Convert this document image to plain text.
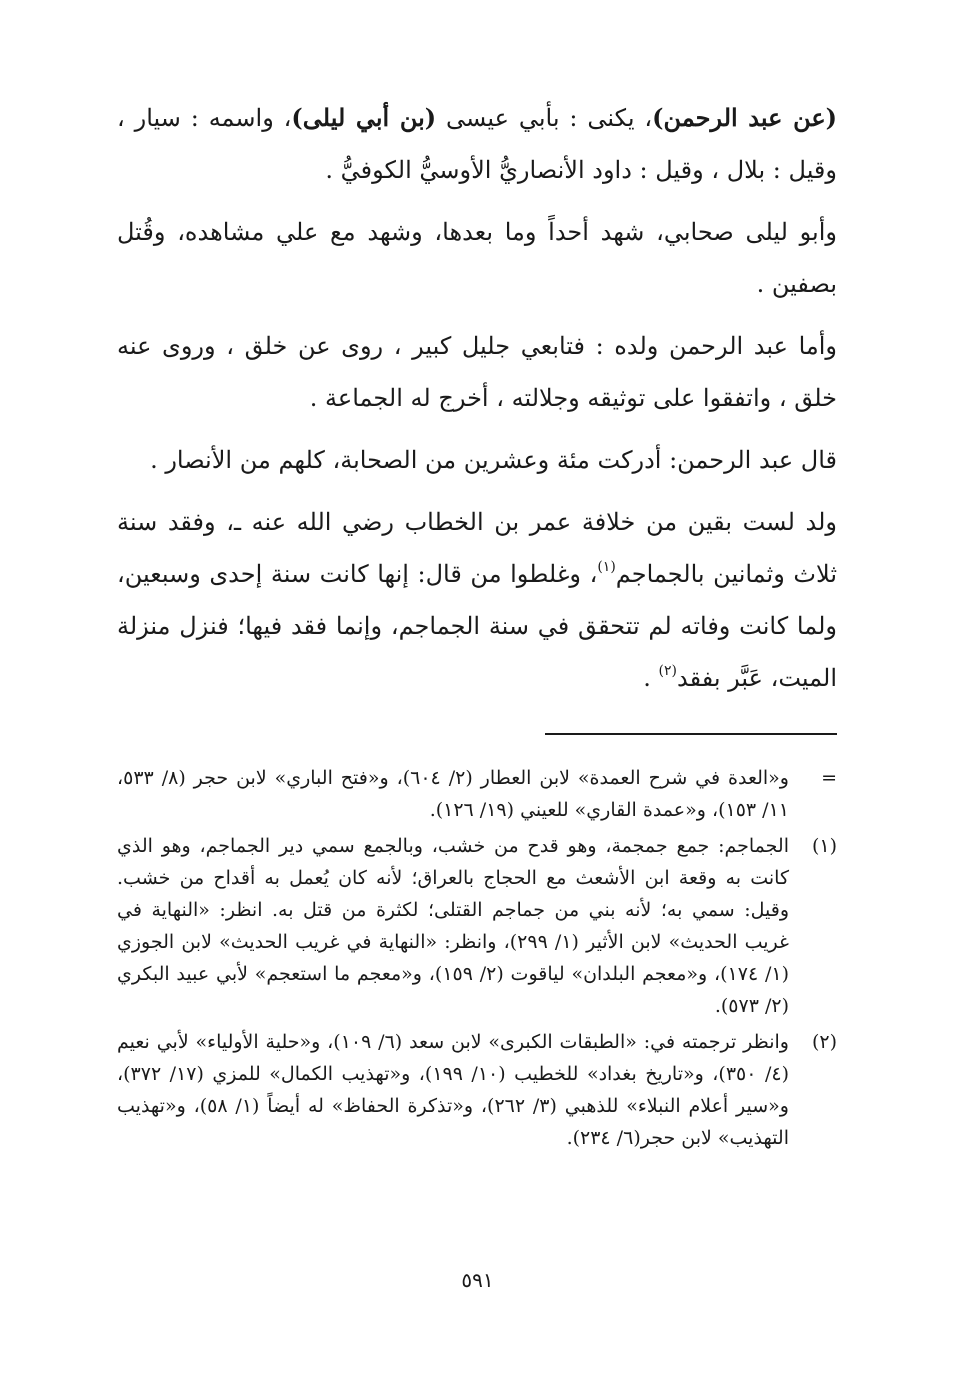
(عن عبد الرحمن)، يكنى : بأبي عيسى (بن أبي ليلى)، واسمه : سيار ، وقيل : بلال ، وقيل : داود الأنصاريُّ الأوسيُّ الكوفيُّ .

وأبو ليلى صحابي، شهد أحداً وما بعدها، وشهد مع علي مشاهده، وقُتل بصفين .

وأما عبد الرحمن ولده : فتابعي جليل كبير ، روى عن خلق ، وروى عنه خلق ، واتفقوا على توثيقه وجلالته ، أخرج له الجماعة .

قال عبد الرحمن: أدركت مئة وعشرين من الصحابة، كلهم من الأنصار .

ولد لست بقين من خلافة عمر بن الخطاب رضي الله عنه ـ، وفقد سنة ثلاث وثمانين بالجماجم$^{(١)}$، وغلطوا من قال: إنها كانت سنة إحدى وسبعين، ولما كانت وفاته لم تتحقق في سنة الجماجم، وإنما فقد فيها؛ فنزل منزلة الميت، عَبَّر بفقد$^{(٢)}$ .

=
و«العدة في شرح العمدة» لابن العطار (٢/ ٦٠٤)، و«فتح الباري» لابن حجر (٨/ ٥٣٣، ١١/ ١٥٣)، و«عمدة القاري» للعيني (١٩/ ١٢٦).
(١)
الجماجم: جمع جمجمة، وهو قدح من خشب، وبالجمع سمي دير الجماجم، وهو الذي كانت به وقعة ابن الأشعث مع الحجاج بالعراق؛ لأنه كان يُعمل به أقداح من خشب. وقيل: سمي به؛ لأنه بني من جماجم القتلى؛ لكثرة من قتل به. انظر: «النهاية في غريب الحديث» لابن الأثير (١/ ٢٩٩)، وانظر: «النهاية في غريب الحديث» لابن الجوزي (١/ ١٧٤)، و«معجم البلدان» لياقوت (٢/ ١٥٩)، و«معجم ما استعجم» لأبي عبيد البكري (٢/ ٥٧٣).
(٢)
وانظر ترجمته في: «الطبقات الكبرى» لابن سعد (٦/ ١٠٩)، و«حلية الأولياء» لأبي نعيم (٤/ ٣٥٠)، و«تاريخ بغداد» للخطيب (١٠/ ١٩٩)، و«تهذيب الكمال» للمزي (١٧/ ٣٧٢)، و«سير أعلام النبلاء» للذهبي (٣/ ٢٦٢)، و«تذكرة الحفاظ» له أيضاً (١/ ٥٨)، و«تهذيب التهذيب» لابن حجر(٦/ ٢٣٤).
٥٩١
